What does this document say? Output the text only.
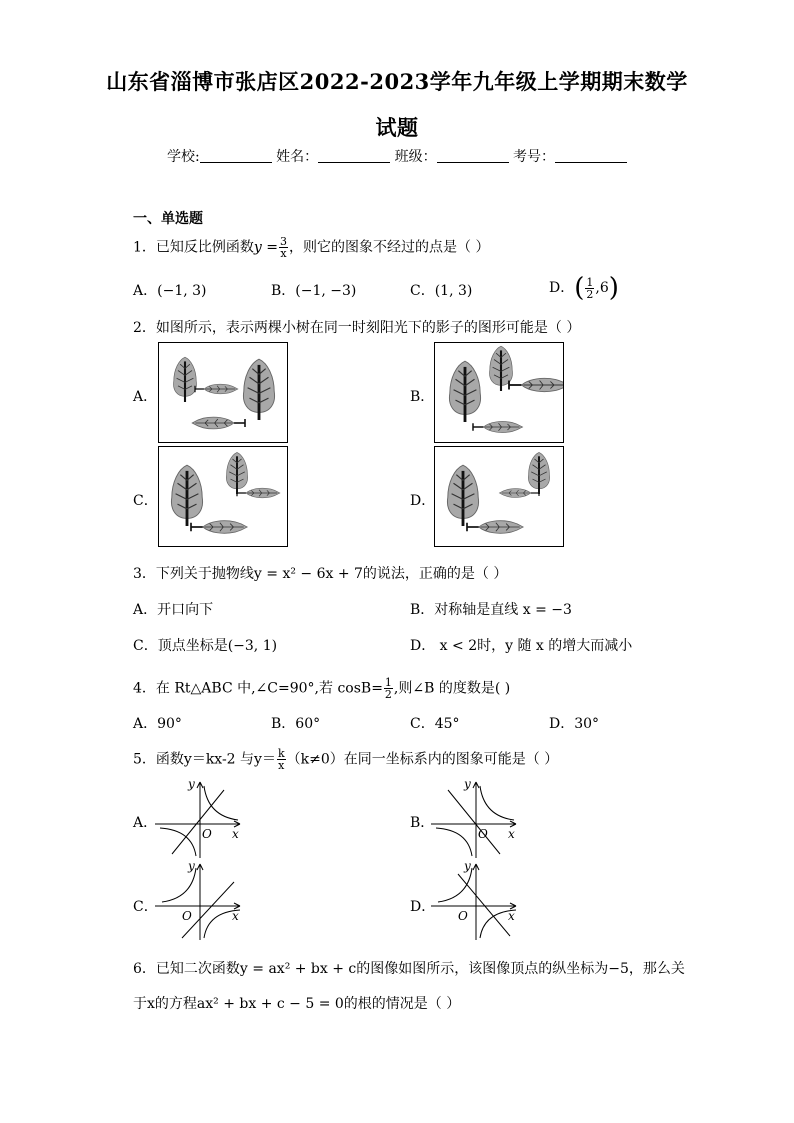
山东省淄博市张店区2022-2023学年九年级上学期期末数学
试题
学校:	姓名：	班级：	考号：
一、单选题
1．已知反比例函数$y = \frac{3}{x}$ ，则它的图象不经过的点是（ ）
A．(−1, 3)	B．(−1, −3)	C．(1, 3)	D．( $\frac{1}{2} ,6$)
2．如图所示，表示两棵小树在同一时刻阳光下的影子的图形可能是（ ）
A．	B．
C．	D．
3．下列关于抛物线y = x² − 6x + 7的说法，正确的是（ ）
A．开口向下	B．对称轴是直线 x = −3
C．顶点坐标是(−3, 1)	D． x < 2时，y 随 x 的增大而减小
4．在 Rt△ABC 中,∠C=90°,若 $\cos B= \frac{1}{2}$ ,则∠B 的度数是( )
A．90°	B．60°	C．45°	D．30°
5．函数y＝kx-2 与$y= \frac{k}{x} (k\ne 0)$在同一坐标系内的图象可能是（ ）
A．
x
y
O
B．
x
y
O
C．
x
y
O
D．
x
y
O
6．已知二次函数y = ax² + bx + c的图像如图所示，该图像顶点的纵坐标为−5，那么关
于x的方程ax² + bx + c − 5 = 0的根的情况是（ ）
